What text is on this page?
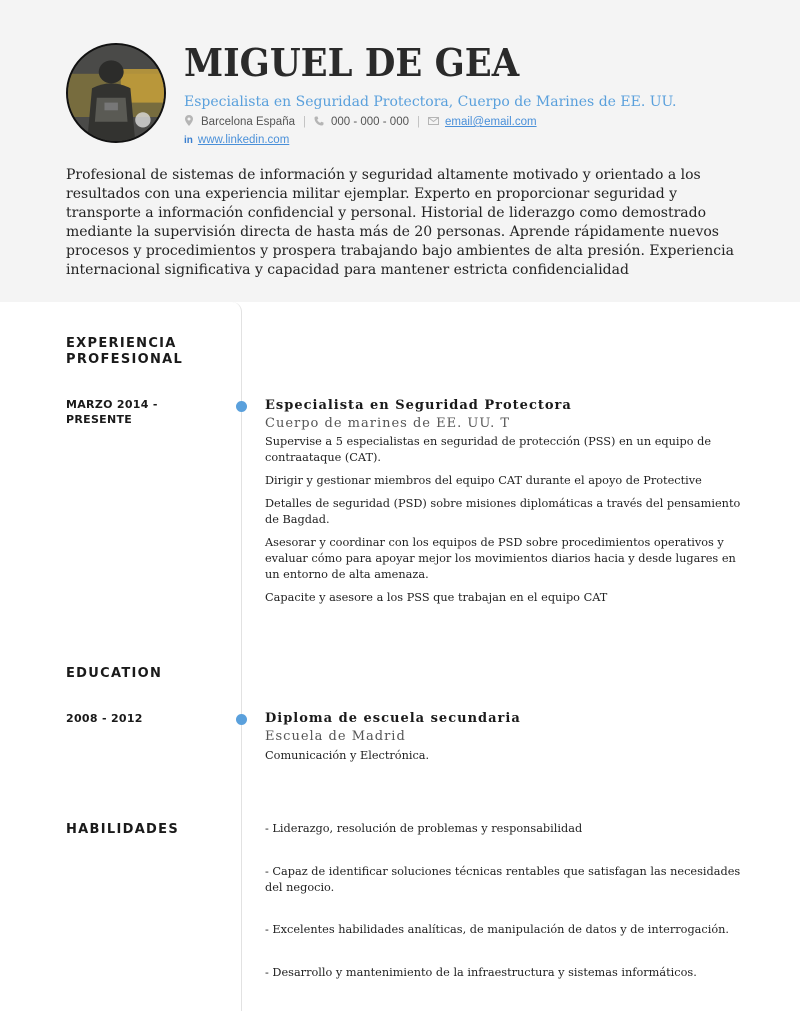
MIGUEL DE GEA
Especialista en Seguridad Protectora, Cuerpo de Marines de EE. UU.
Barcelona España | 000 - 000 - 000 | email@email.com
in www.linkedin.com
Profesional de sistemas de información y seguridad altamente motivado y orientado a los resultados con una experiencia militar ejemplar. Experto en proporcionar seguridad y transporte a información confidencial y personal. Historial de liderazgo como demostrado mediante la supervisión directa de hasta más de 20 personas. Aprende rápidamente nuevos procesos y procedimientos y prospera trabajando bajo ambientes de alta presión. Experiencia internacional significativa y capacidad para mantener estricta confidencialidad
EXPERIENCIA
PROFESIONAL
MARZO 2014 -
PRESENTE
Especialista en Seguridad Protectora
Cuerpo de marines de EE. UU. T
Supervise a 5 especialistas en seguridad de protección (PSS) en un equipo de contraataque (CAT).
Dirigir y gestionar miembros del equipo CAT durante el apoyo de Protective
Detalles de seguridad (PSD) sobre misiones diplomáticas a través del pensamiento de Bagdad.
Asesorar y coordinar con los equipos de PSD sobre procedimientos operativos y evaluar cómo para apoyar mejor los movimientos diarios hacia y desde lugares en un entorno de alta amenaza.
Capacite y asesore a los PSS que trabajan en el equipo CAT
EDUCATION
2008 - 2012	Diploma de escuela secundaria
Escuela de Madrid
Comunicación y Electrónica.
HABILIDADES	- Liderazgo, resolución de problemas y responsabilidad
- Capaz de identificar soluciones técnicas rentables que satisfagan las necesidades del negocio.
- Excelentes habilidades analíticas, de manipulación de datos y de interrogación.
- Desarrollo y mantenimiento de la infraestructura y sistemas informáticos.
